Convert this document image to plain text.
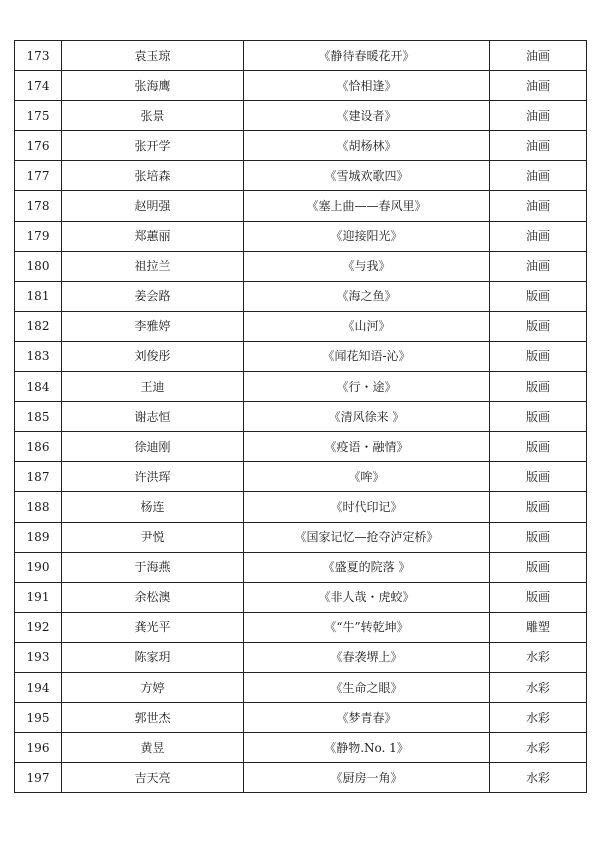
173	袁玉琼	《静待春暖花开》	油画
174	张海鹰	《恰相逢》	油画
175	张景	《建设者》	油画
176	张开学	《胡杨林》	油画
177	张培森	《雪城欢歌四》	油画
178	赵明强	《塞上曲——春风里》	油画
179	郑蕙丽	《迎接阳光》	油画
180	祖拉兰	《与我》	油画
181	姜会路	《海之鱼》	版画
182	李雅婷	《山河》	版画
183	刘俊彤	《闻花知语-沁》	版画
184	王迪	《行・途》	版画
185	谢志恒	《清风徐来 》	版画
186	徐迪刚	《疫语・融情》	版画
187	许洪珲	《哞》	版画
188	杨连	《时代印记》	版画
189	尹悦	《国家记忆—抢夺泸定桥》	版画
190	于海燕	《盛夏的院落 》	版画
191	余松澳	《非人哉・虎蛟》	版画
192	龚光平	《“牛”转乾坤》	雕塑
193	陈家玥	《春袭堺上》	水彩
194	方婷	《生命之眼》	水彩
195	郭世杰	《梦青春》	水彩
196	黄昱	《静物.No. 1》	水彩
197	吉天亮	《厨房一角》	水彩
